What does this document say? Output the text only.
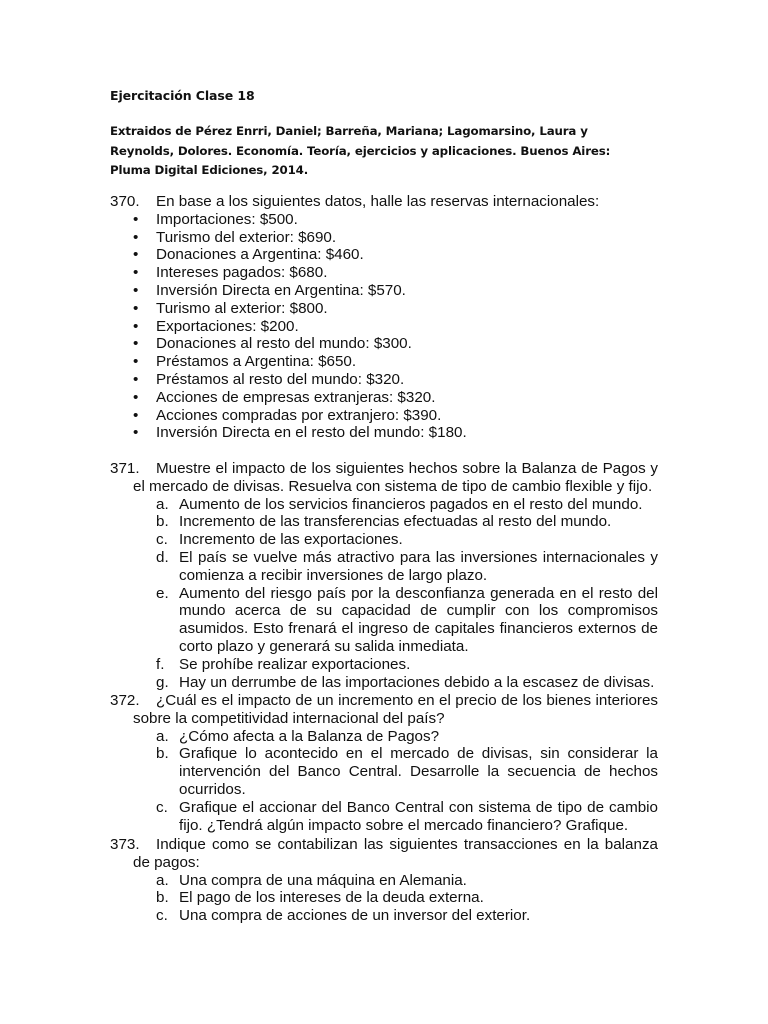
Ejercitación Clase 18
Extraidos de Pérez Enrri, Daniel; Barreña, Mariana; Lagomarsino, Laura y Reynolds, Dolores. Economía. Teoría, ejercicios y aplicaciones. Buenos Aires: Pluma Digital Ediciones, 2014.
370. En base a los siguientes datos, halle las reservas internacionales:
• Importaciones: $500.
• Turismo del exterior: $690.
• Donaciones a Argentina: $460.
• Intereses pagados: $680.
• Inversión Directa en Argentina: $570.
• Turismo al exterior: $800.
• Exportaciones: $200.
• Donaciones al resto del mundo: $300.
• Préstamos a Argentina: $650.
• Préstamos al resto del mundo: $320.
• Acciones de empresas extranjeras: $320.
• Acciones compradas por extranjero: $390.
• Inversión Directa en el resto del mundo: $180.
371. Muestre el impacto de los siguientes hechos sobre la Balanza de Pagos y el mercado de divisas. Resuelva con sistema de tipo de cambio flexible y fijo.
a. Aumento de los servicios financieros pagados en el resto del mundo.
b. Incremento de las transferencias efectuadas al resto del mundo.
c. Incremento de las exportaciones.
d. El país se vuelve más atractivo para las inversiones internacionales y comienza a recibir inversiones de largo plazo.
e. Aumento del riesgo país por la desconfianza generada en el resto del mundo acerca de su capacidad de cumplir con los compromisos asumidos. Esto frenará el ingreso de capitales financieros externos de corto plazo y generará su salida inmediata.
f. Se prohíbe realizar exportaciones.
g. Hay un derrumbe de las importaciones debido a la escasez de divisas.
372. ¿Cuál es el impacto de un incremento en el precio de los bienes interiores sobre la competitividad internacional del país?
a. ¿Cómo afecta a la Balanza de Pagos?
b. Grafique lo acontecido en el mercado de divisas, sin considerar la intervención del Banco Central. Desarrolle la secuencia de hechos ocurridos.
c. Grafique el accionar del Banco Central con sistema de tipo de cambio fijo. ¿Tendrá algún impacto sobre el mercado financiero? Grafique.
373. Indique como se contabilizan las siguientes transacciones en la balanza de pagos:
a. Una compra de una máquina en Alemania.
b. El pago de los intereses de la deuda externa.
c. Una compra de acciones de un inversor del exterior.
